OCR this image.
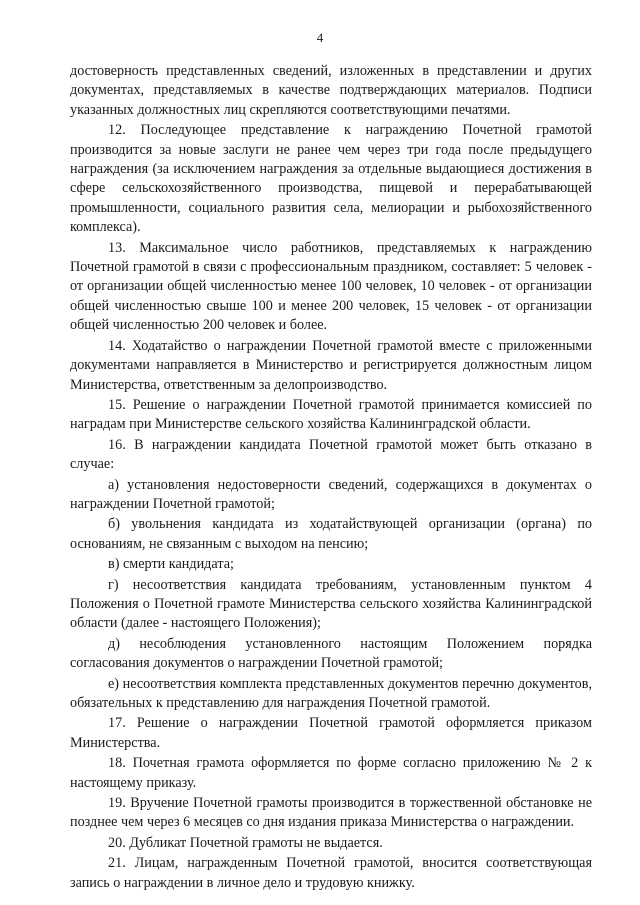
4

достоверность представленных сведений, изложенных в представлении и других документах, представляемых в качестве подтверждающих материалов. Подписи указанных должностных лиц скрепляются соответствующими печатями.

12. Последующее представление к награждению Почетной грамотой производится за новые заслуги не ранее чем через три года после предыдущего награждения (за исключением награждения за отдельные выдающиеся достижения в сфере сельскохозяйственного производства, пищевой и перерабатывающей промышленности, социального развития села, мелиорации и рыбохозяйственного комплекса).

13. Максимальное число работников, представляемых к награждению Почетной грамотой в связи с профессиональным праздником, составляет: 5 человек - от организации общей численностью менее 100 человек, 10 человек - от организации общей численностью свыше 100 и менее 200 человек, 15 человек - от организации общей численностью 200 человек и более.

14. Ходатайство о награждении Почетной грамотой вместе с приложенными документами направляется в Министерство и регистрируется должностным лицом Министерства, ответственным за делопроизводство.

15. Решение о награждении Почетной грамотой принимается комиссией по наградам при Министерстве сельского хозяйства Калининградской области.

16. В награждении кандидата Почетной грамотой может быть отказано в случае:

а) установления недостоверности сведений, содержащихся в документах о награждении Почетной грамотой;

б) увольнения кандидата из ходатайствующей организации (органа) по основаниям, не связанным с выходом на пенсию;

в) смерти кандидата;

г) несоответствия кандидата требованиям, установленным пунктом 4 Положения о Почетной грамоте Министерства сельского хозяйства Калининградской области (далее - настоящего Положения);

д) несоблюдения установленного настоящим Положением порядка согласования документов о награждении Почетной грамотой;

е) несоответствия комплекта представленных документов перечню документов, обязательных к представлению для награждения Почетной грамотой.

17. Решение о награждении Почетной грамотой оформляется приказом Министерства.

18. Почетная грамота оформляется по форме согласно приложению № 2 к настоящему приказу.

19. Вручение Почетной грамоты производится в торжественной обстановке не позднее чем через 6 месяцев со дня издания приказа Министерства о награждении.

20. Дубликат Почетной грамоты не выдается.

21. Лицам, награжденным Почетной грамотой, вносится соответствующая запись о награждении в личное дело и трудовую книжку.
